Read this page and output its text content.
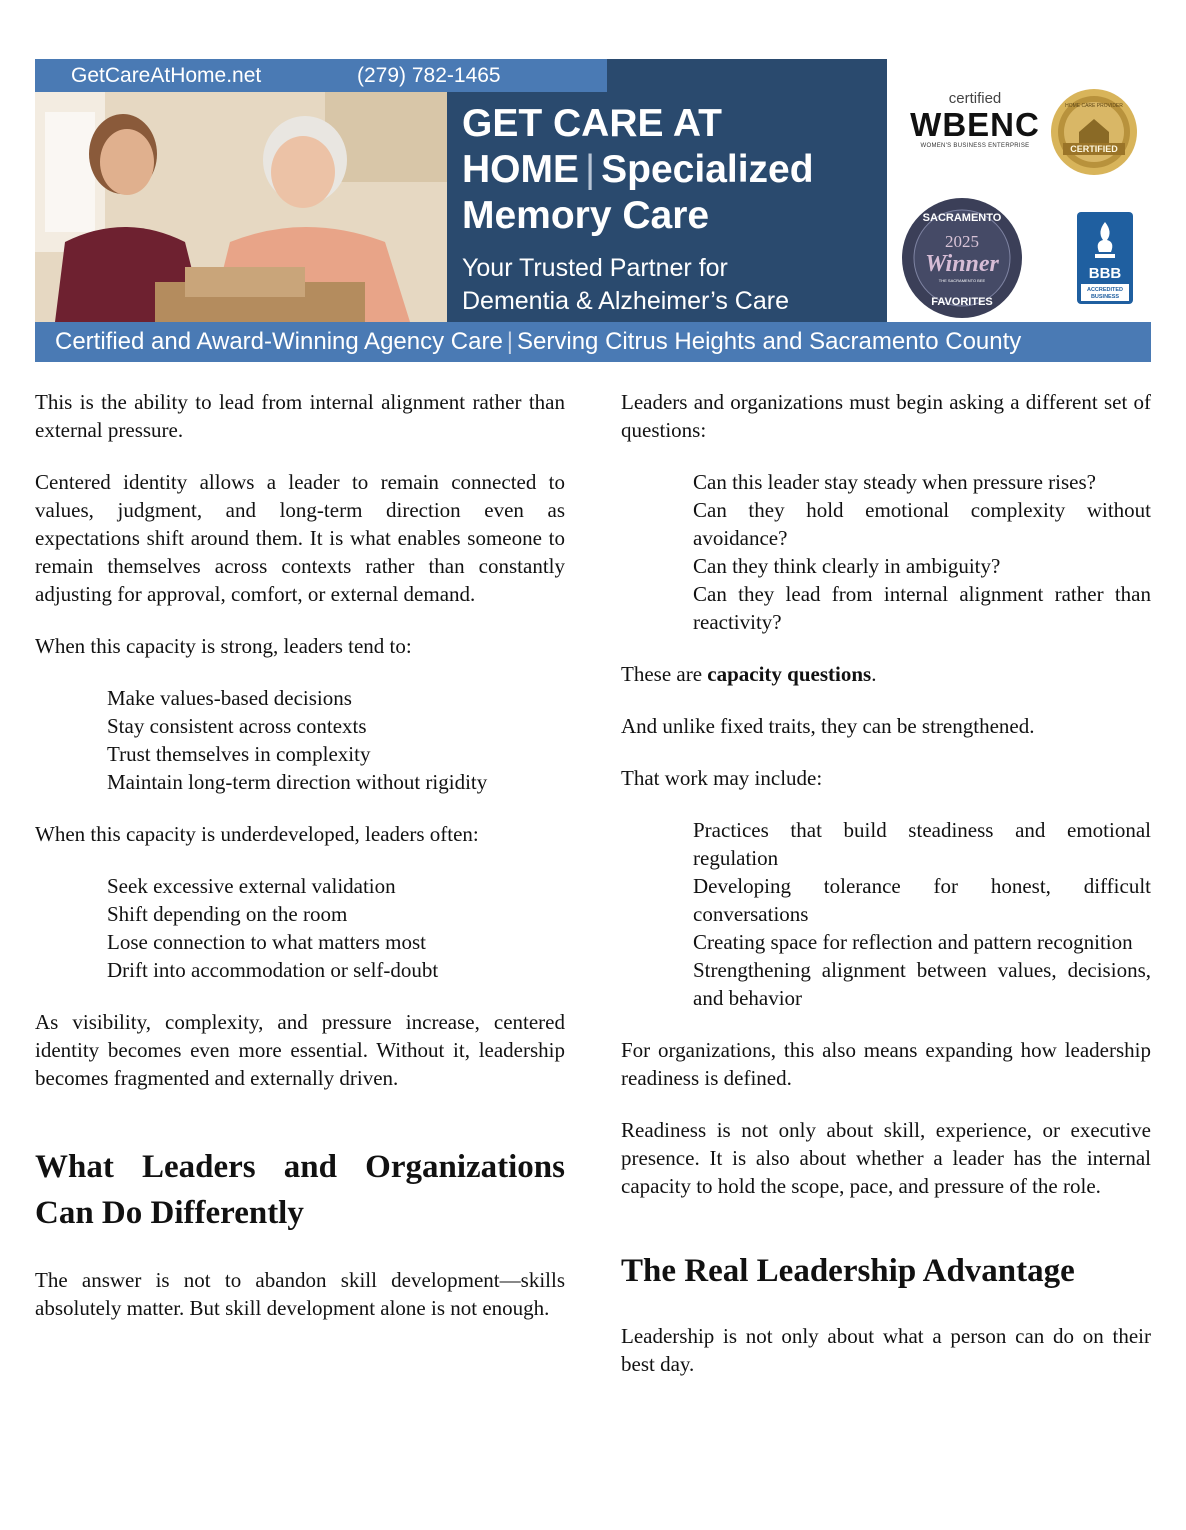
GetCareAtHome.net	(279) 782-1465
GET CARE AT
HOME | Specialized
Memory Care
Your Trusted Partner for
Dementia & Alzheimer’s Care
certified
WBENC
WOMEN'S BUSINESS ENTERPRISE	CERTIFIED
HOME CARE PROVIDER
SACRAMENTO
2025
Winner
THE SACRAMENTO BEE
FAVORITES
BBB
ACCREDITED
BUSINESS
Certified and Award-Winning Agency Care | Serving Citrus Heights and Sacramento County

This is the ability to lead from internal alignment rather than external pressure.

Centered identity allows a leader to remain connected to values, judgment, and long-term direction even as expectations shift around them. It is what enables someone to remain themselves across contexts rather than constantly adjusting for approval, comfort, or external demand.

When this capacity is strong, leaders tend to:

Make values-based decisions
Stay consistent across contexts
Trust themselves in complexity
Maintain long-term direction without rigidity

When this capacity is underdeveloped, leaders often:

Seek excessive external validation
Shift depending on the room
Lose connection to what matters most
Drift into accommodation or self-doubt

As visibility, complexity, and pressure increase, centered identity becomes even more essential. Without it, leadership becomes fragmented and externally driven.

What Leaders and Organizations Can Do Differently

The answer is not to abandon skill development—skills absolutely matter. But skill development alone is not enough.

Leaders and organizations must begin asking a different set of questions:

Can this leader stay steady when pressure rises?
Can they hold emotional complexity without avoidance?
Can they think clearly in ambiguity?
Can they lead from internal alignment rather than reactivity?

These are capacity questions.

And unlike fixed traits, they can be strengthened.

That work may include:

Practices that build steadiness and emotional regulation
Developing tolerance for honest, difficult conversations
Creating space for reflection and pattern recognition
Strengthening alignment between values, decisions, and behavior

For organizations, this also means expanding how leadership readiness is defined.

Readiness is not only about skill, experience, or executive presence. It is also about whether a leader has the internal capacity to hold the scope, pace, and pressure of the role.

The Real Leadership Advantage

Leadership is not only about what a person can do on their best day.
